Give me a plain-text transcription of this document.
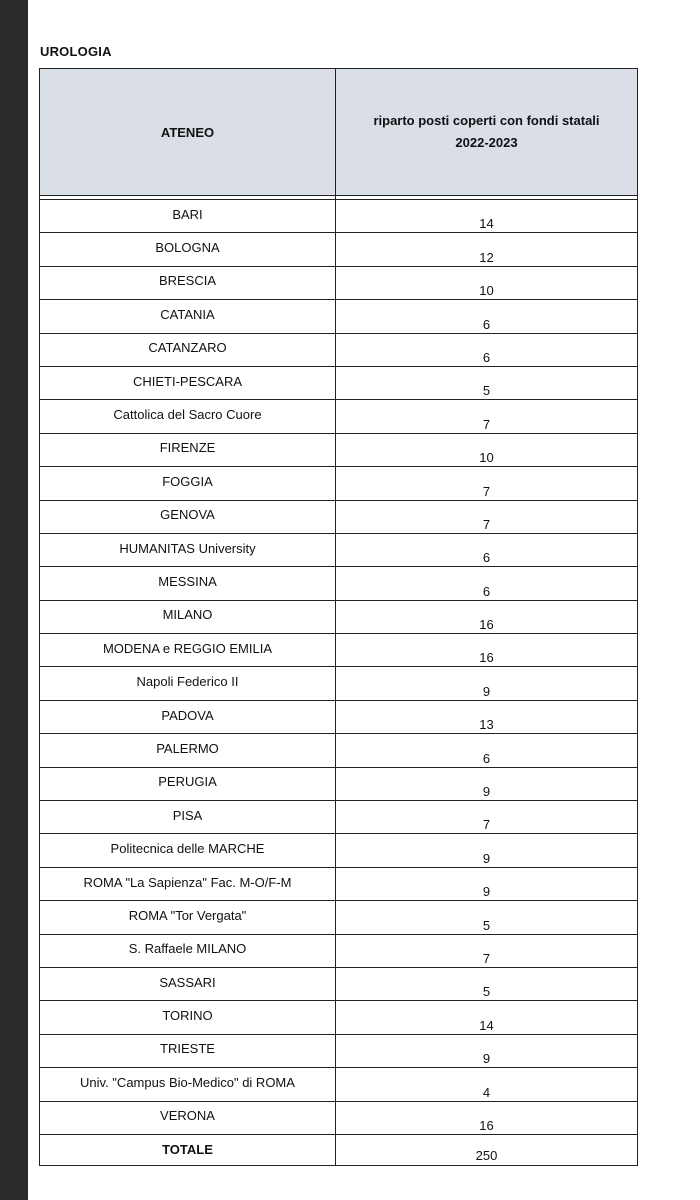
UROLOGIA
ATENEO	riparto posti coperti con fondi statali
2022-2023

BARI	14
BOLOGNA	12
BRESCIA	10
CATANIA	6
CATANZARO	6
CHIETI-PESCARA	5
Cattolica del Sacro Cuore	7
FIRENZE	10
FOGGIA	7
GENOVA	7
HUMANITAS University	6
MESSINA	6
MILANO	16
MODENA e REGGIO EMILIA	16
Napoli Federico II	9
PADOVA	13
PALERMO	6
PERUGIA	9
PISA	7
Politecnica delle MARCHE	9
ROMA "La Sapienza" Fac. M-O/F-M	9
ROMA "Tor Vergata"	5
S. Raffaele MILANO	7
SASSARI	5
TORINO	14
TRIESTE	9
Univ. "Campus Bio-Medico" di ROMA	4
VERONA	16
TOTALE	250
